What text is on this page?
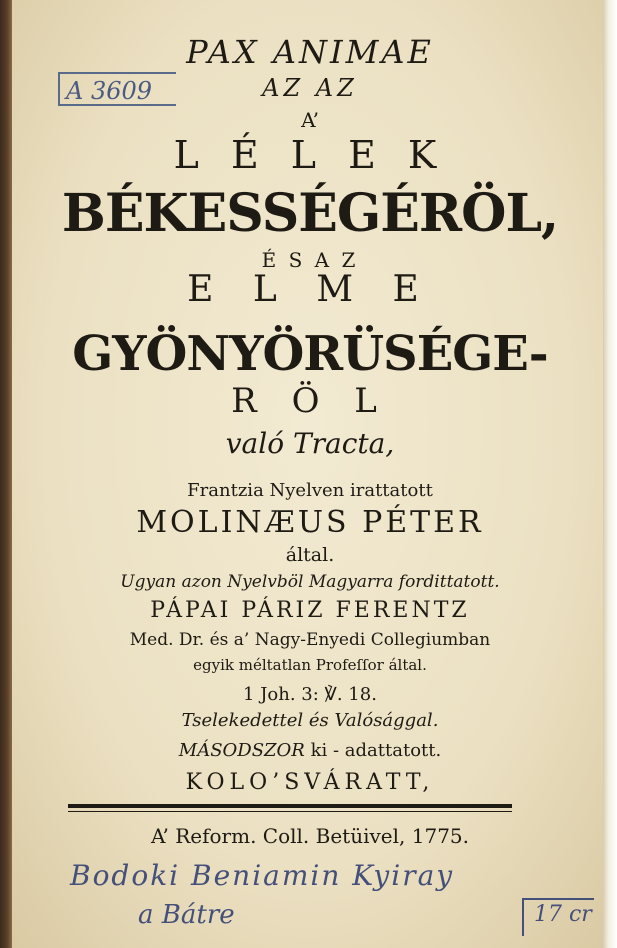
A 3609

PAX ANIMAE

AZ AZ

A’

L É L E K

BÉKESSÉGÉRÖL,

É S A Z

E L M E

GYÖNYÖRÜSÉGE-

R Ö L

való Tracta,

Frantzia Nyelven irattatott

MOLINÆUS PÉTER

által.

Ugyan azon Nyelvböl Magyarra fordittatott.

PÁPAI PÁRIZ FERENTZ

Med. Dr. és a’ Nagy-Enyedi Collegiumban

egyik méltatlan Profeſſor által.

1 Joh. 3: ℣. 18.

Tselekedettel és Valósággal.

MÁSODSZOR ki - adattatott.

KOLO’SVÁRATT,

A’ Reform. Coll. Betüivel, 1775.

Bodoki Beniamin Kyiray

a Bátre	17 cr
